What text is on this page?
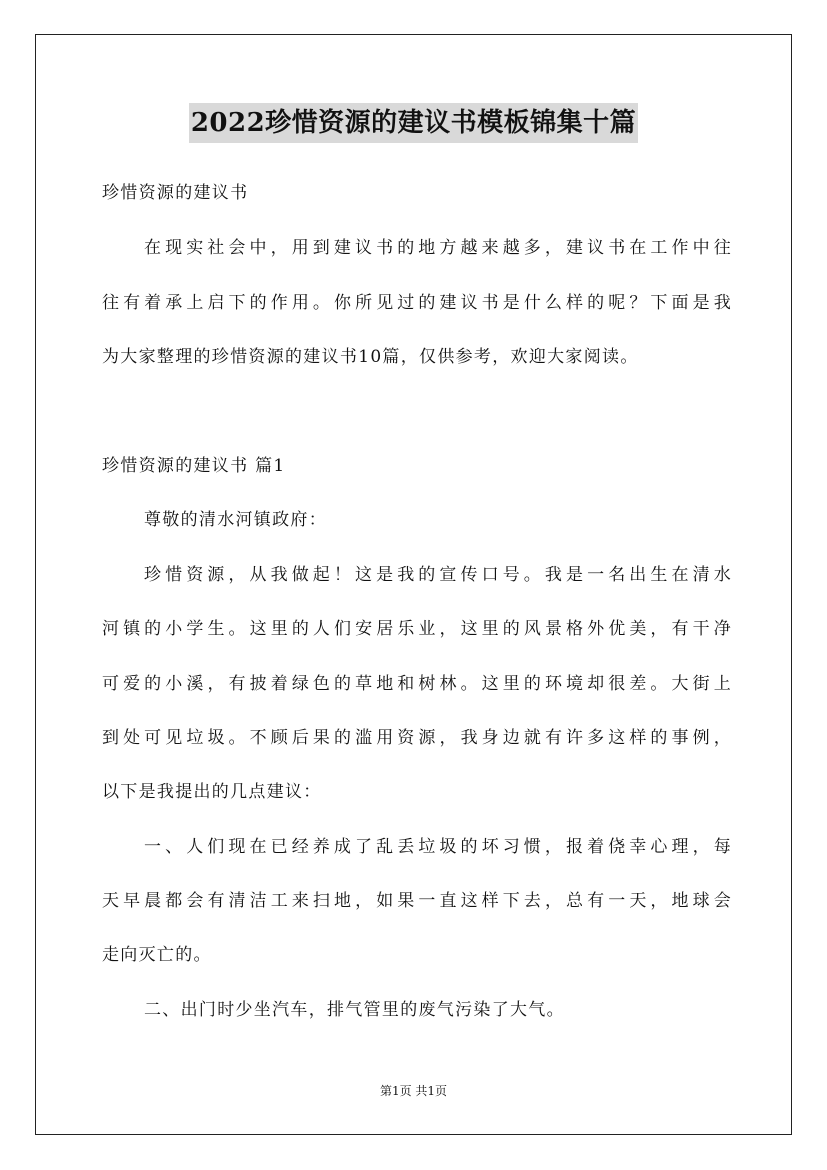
2022珍惜资源的建议书模板锦集十篇
珍惜资源的建议书
在现实社会中，用到建议书的地方越来越多，建议书在工作中往
往有着承上启下的作用。你所见过的建议书是什么样的呢？下面是我
为大家整理的珍惜资源的建议书10篇，仅供参考，欢迎大家阅读。
珍惜资源的建议书 篇1
尊敬的清水河镇政府：
珍惜资源，从我做起！这是我的宣传口号。我是一名出生在清水
河镇的小学生。这里的人们安居乐业，这里的风景格外优美，有干净
可爱的小溪，有披着绿色的草地和树林。这里的环境却很差。大街上
到处可见垃圾。不顾后果的滥用资源，我身边就有许多这样的事例，
以下是我提出的几点建议：
一、人们现在已经养成了乱丢垃圾的坏习惯，报着侥幸心理，每
天早晨都会有清洁工来扫地，如果一直这样下去，总有一天，地球会
走向灭亡的。
二、出门时少坐汽车，排气管里的废气污染了大气。
第1页 共1页
